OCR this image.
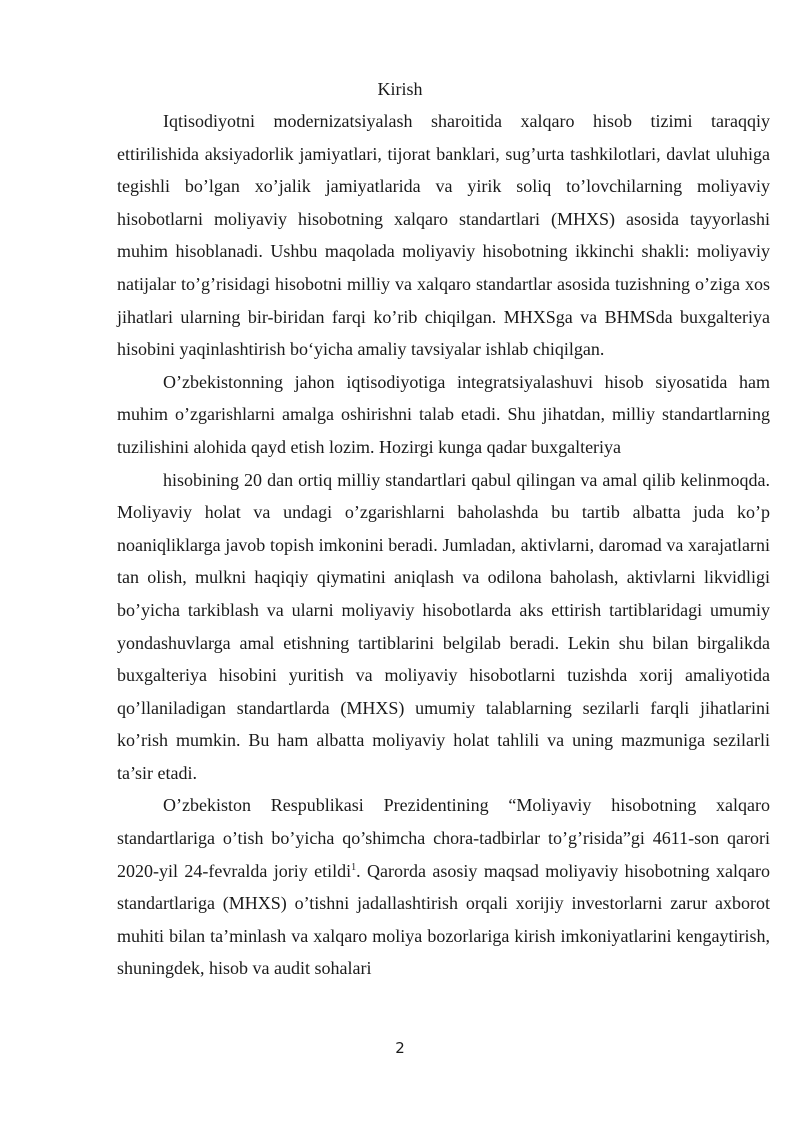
Kirish

Iqtisodiyotni modernizatsiyalash sharoitida xalqaro hisob tizimi taraqqiy ettirilishida aksiyadorlik jamiyatlari, tijorat banklari, sug’urta tashkilotlari, davlat uluhiga tegishli bo’lgan xo’jalik jamiyatlarida va yirik soliq to’lovchilarning moliyaviy hisobotlarni moliyaviy hisobotning xalqaro standartlari (MHXS) asosida tayyorlashi muhim hisoblanadi. Ushbu maqolada moliyaviy hisobotning ikkinchi shakli: moliyaviy natijalar to’g’risidagi hisobotni milliy va xalqaro standartlar asosida tuzishning o’ziga xos jihatlari ularning bir-biridan farqi ko’rib chiqilgan. MHXSga va BHMSda buxgalteriya hisobini yaqinlashtirish bo‘yicha amaliy tavsiyalar ishlab chiqilgan.

O’zbekistonning jahon iqtisodiyotiga integratsiyalashuvi hisob siyosatida ham muhim o’zgarishlarni amalga oshirishni talab etadi. Shu jihatdan, milliy standartlarning tuzilishini alohida qayd etish lozim. Hozirgi kunga qadar buxgalteriya

hisobining 20 dan ortiq milliy standartlari qabul qilingan va amal qilib kelinmoqda. Moliyaviy holat va undagi o’zgarishlarni baholashda bu tartib albatta juda ko’p noaniqliklarga javob topish imkonini beradi. Jumladan, aktivlarni, daromad va xarajatlarni tan olish, mulkni haqiqiy qiymatini aniqlash va odilona baholash, aktivlarni likvidligi bo’yicha tarkiblash va ularni moliyaviy hisobotlarda aks ettirish tartiblaridagi umumiy yondashuvlarga amal etishning tartiblarini belgilab beradi. Lekin shu bilan birgalikda buxgalteriya hisobini yuritish va moliyaviy hisobotlarni tuzishda xorij amaliyotida qo’llaniladigan standartlarda (MHXS) umumiy talablarning sezilarli farqli jihatlarini ko’rish mumkin. Bu ham albatta moliyaviy holat tahlili va uning mazmuniga sezilarli ta’sir etadi.

O’zbekiston Respublikasi Prezidentining “Moliyaviy hisobotning xalqaro standartlariga o’tish bo’yicha qo’shimcha chora-tadbirlar to’g’risida”gi 4611-son qarori 2020-yil 24-fevralda joriy etildi$^1$. Qarorda asosiy maqsad moliyaviy hisobotning xalqaro standartlariga (MHXS) o’tishni jadallashtirish orqali xorijiy investorlarni zarur axborot muhiti bilan ta’minlash va xalqaro moliya bozorlariga kirish imkoniyatlarini kengaytirish, shuningdek, hisob va audit sohalari

2
